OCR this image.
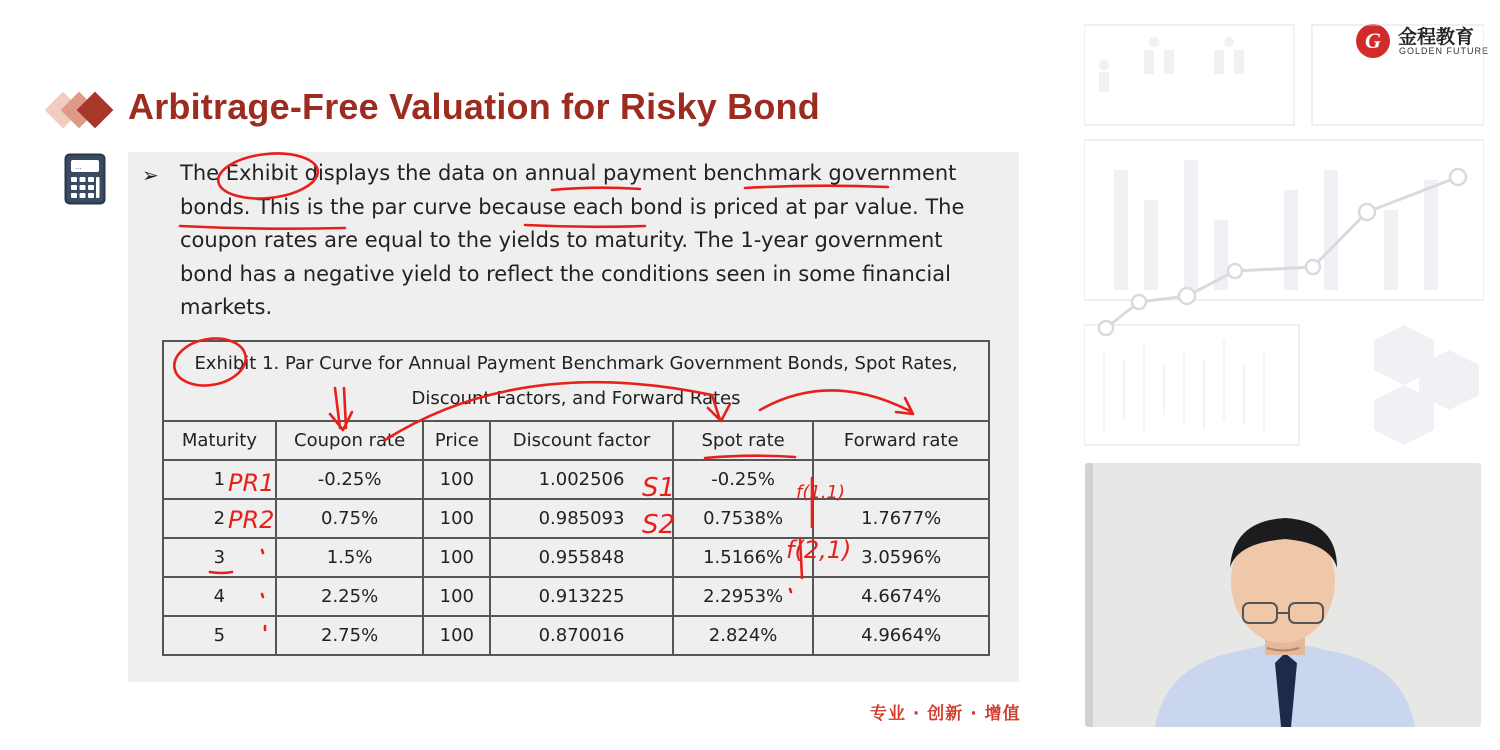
Arbitrage-Free Valuation for Risky Bond
G 金程教育
GOLDEN FUTURE
...	➢ The Exhibit displays the data on annual payment benchmark government bonds. This is the par curve because each bond is priced at par value. The coupon rates are equal to the yields to maturity. The 1-year government bond has a negative yield to reflect the conditions seen in some financial markets.

Exhibit 1. Par Curve for Annual Payment Benchmark Government Bonds, Spot Rates, Discount Factors, and Forward Rates					
Maturity	Coupon rate	Price	Discount factor	Spot rate	Forward rate
1	-0.25%	100	1.002506	-0.25%	
2	0.75%	100	0.985093	0.7538%	1.7677%
3	1.5%	100	0.955848	1.5166%	3.0596%
4	2.25%	100	0.913225	2.2953%	4.6674%
5	2.75%	100	0.870016	2.824%	4.9664%
PR1
PR2
S1
S2
f(1,1)
f(2,1)
专业 · 创新 · 增值
